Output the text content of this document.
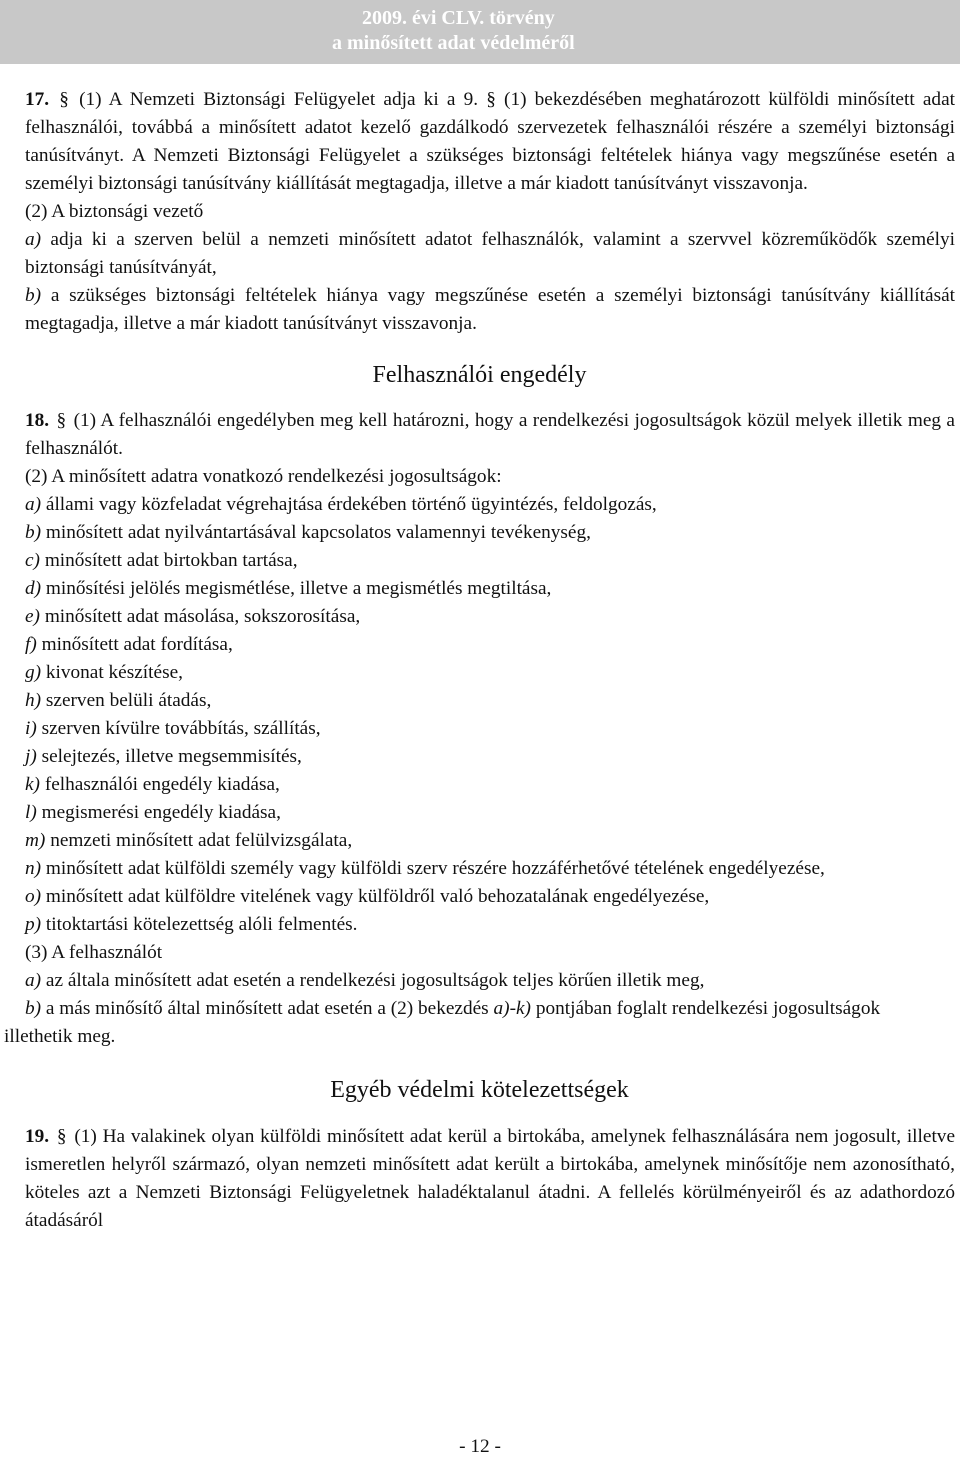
2009. évi CLV. törvény
a minősített adat védelméről

17. § (1) A Nemzeti Biztonsági Felügyelet adja ki a 9. § (1) bekezdésében meghatározott külföldi minősített adat felhasználói, továbbá a minősített adatot kezelő gazdálkodó szervezetek felhasználói részére a személyi biztonsági tanúsítványt. A Nemzeti Biztonsági Felügyelet a szükséges biztonsági feltételek hiánya vagy megszűnése esetén a személyi biztonsági tanúsítvány kiállítását megtagadja, illetve a már kiadott tanúsítványt visszavonja.

(2) A biztonsági vezető

a) adja ki a szerven belül a nemzeti minősített adatot felhasználók, valamint a szervvel közreműködők személyi biztonsági tanúsítványát,

b) a szükséges biztonsági feltételek hiánya vagy megszűnése esetén a személyi biztonsági tanúsítvány kiállítását megtagadja, illetve a már kiadott tanúsítványt visszavonja.

Felhasználói engedély

18. § (1) A felhasználói engedélyben meg kell határozni, hogy a rendelkezési jogosultságok közül melyek illetik meg a felhasználót.

(2) A minősített adatra vonatkozó rendelkezési jogosultságok:

a) állami vagy közfeladat végrehajtása érdekében történő ügyintézés, feldolgozás,

b) minősített adat nyilvántartásával kapcsolatos valamennyi tevékenység,

c) minősített adat birtokban tartása,

d) minősítési jelölés megismétlése, illetve a megismétlés megtiltása,

e) minősített adat másolása, sokszorosítása,

f) minősített adat fordítása,

g) kivonat készítése,

h) szerven belüli átadás,

i) szerven kívülre továbbítás, szállítás,

j) selejtezés, illetve megsemmisítés,

k) felhasználói engedély kiadása,

l) megismerési engedély kiadása,

m) nemzeti minősített adat felülvizsgálata,

n) minősített adat külföldi személy vagy külföldi szerv részére hozzáférhetővé tételének engedélyezése,

o) minősített adat külföldre vitelének vagy külföldről való behozatalának engedélyezése,

p) titoktartási kötelezettség alóli felmentés.

(3) A felhasználót

a) az általa minősített adat esetén a rendelkezési jogosultságok teljes körűen illetik meg,

b) a más minősítő által minősített adat esetén a (2) bekezdés a)-k) pontjában foglalt rendelkezési jogosultságok

illethetik meg.

Egyéb védelmi kötelezettségek

19. § (1) Ha valakinek olyan külföldi minősített adat kerül a birtokába, amelynek felhasználására nem jogosult, illetve ismeretlen helyről származó, olyan nemzeti minősített adat került a birtokába, amelynek minősítője nem azonosítható, köteles azt a Nemzeti Biztonsági Felügyeletnek haladéktalanul átadni. A fellelés körülményeiről és az adathordozó átadásáról

- 12 -
